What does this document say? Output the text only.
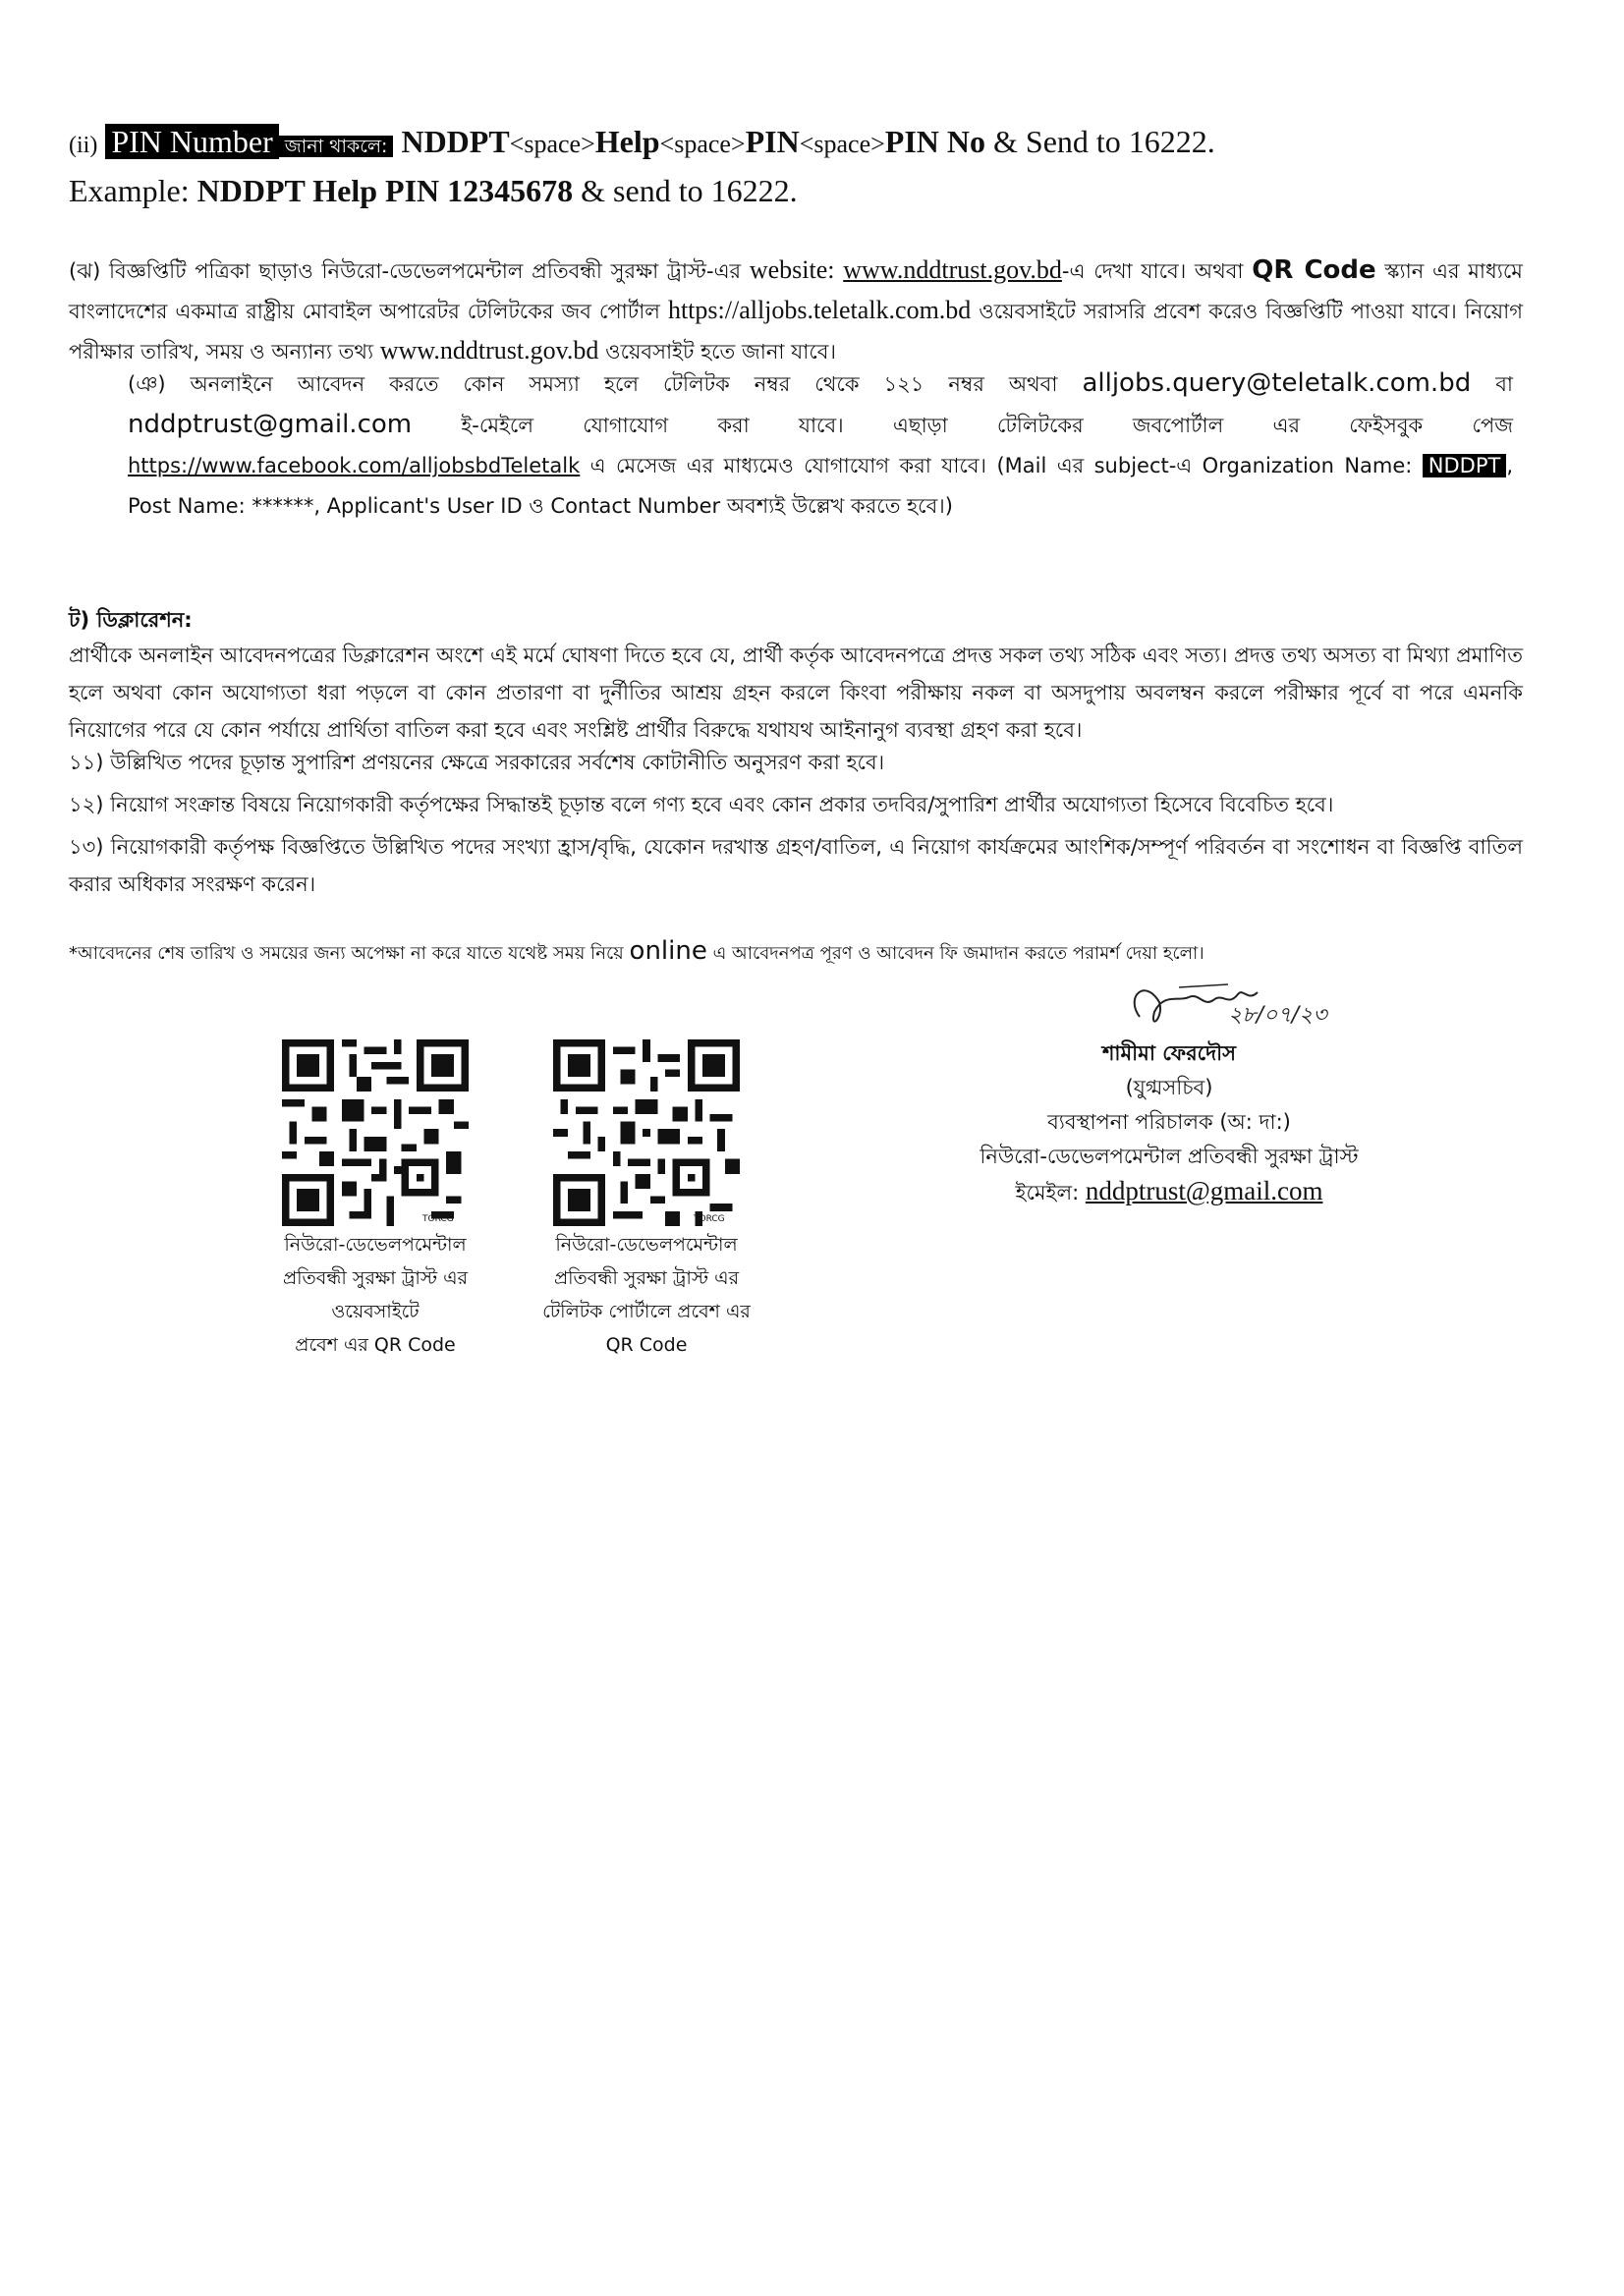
(ii) PIN Number জানা থাকলে: NDDPT<space>Help<space>PIN<space>PIN No & Send to 16222.
Example: NDDPT Help PIN 12345678 & send to 16222.
(ঝ) বিজ্ঞপ্তিটি পত্রিকা ছাড়াও নিউরো-ডেভেলপমেন্টাল প্রতিবন্ধী সুরক্ষা ট্রাস্ট-এর website: www.nddtrust.gov.bd-এ দেখা যাবে। অথবা QR Code স্ক্যান এর মাধ্যমে বাংলাদেশের একমাত্র রাষ্ট্রীয় মোবাইল অপারেটর টেলিটকের জব পোর্টাল https://alljobs.teletalk.com.bd ওয়েবসাইটে সরাসরি প্রবেশ করেও বিজ্ঞপ্তিটি পাওয়া যাবে। নিয়োগ পরীক্ষার তারিখ, সময় ও অন্যান্য তথ্য www.nddtrust.gov.bd ওয়েবসাইট হতে জানা যাবে।
(ঞ) অনলাইনে আবেদন করতে কোন সমস্যা হলে টেলিটক নম্বর থেকে ১২১ নম্বর অথবা alljobs.query@teletalk.com.bd বা nddptrust@gmail.com ই-মেইলে যোগাযোগ করা যাবে। এছাড়া টেলিটকের জবপোর্টাল এর ফেইসবুক পেজ https://www.facebook.com/alljobsbdTeletalk এ মেসেজ এর মাধ্যমেও যোগাযোগ করা যাবে। (Mail এর subject-এ Organization Name: NDDPT , Post Name: ******, Applicant's User ID ও Contact Number অবশ্যই উল্লেখ করতে হবে।)
ট) ডিক্লারেশন:
প্রার্থীকে অনলাইন আবেদনপত্রের ডিক্লারেশন অংশে এই মর্মে ঘোষণা দিতে হবে যে, প্রার্থী কর্তৃক আবেদনপত্রে প্রদত্ত সকল তথ্য সঠিক এবং সত্য। প্রদত্ত তথ্য অসত্য বা মিথ্যা প্রমাণিত হলে অথবা কোন অযোগ্যতা ধরা পড়লে বা কোন প্রতারণা বা দুর্নীতির আশ্রয় গ্রহন করলে কিংবা পরীক্ষায় নকল বা অসদুপায় অবলম্বন করলে পরীক্ষার পূর্বে বা পরে এমনকি নিয়োগের পরে যে কোন পর্যায়ে প্রার্থিতা বাতিল করা হবে এবং সংশ্লিষ্ট প্রার্থীর বিরুদ্ধে যথাযথ আইনানুগ ব্যবস্থা গ্রহণ করা হবে।
১১) উল্লিখিত পদের চূড়ান্ত সুপারিশ প্রণয়নের ক্ষেত্রে সরকারের সর্বশেষ কোটানীতি অনুসরণ করা হবে।
১২) নিয়োগ সংক্রান্ত বিষয়ে নিয়োগকারী কর্তৃপক্ষের সিদ্ধান্তই চূড়ান্ত বলে গণ্য হবে এবং কোন প্রকার তদবির/সুপারিশ প্রার্থীর অযোগ্যতা হিসেবে বিবেচিত হবে।
১৩) নিয়োগকারী কর্তৃপক্ষ বিজ্ঞপ্তিতে উল্লিখিত পদের সংখ্যা হ্রাস/বৃদ্ধি, যেকোন দরখাস্ত গ্রহণ/বাতিল, এ নিয়োগ কার্যক্রমের আংশিক/সম্পূর্ণ পরিবর্তন বা সংশোধন বা বিজ্ঞপ্তি বাতিল করার অধিকার সংরক্ষণ করেন।
*আবেদনের শেষ তারিখ ও সময়ের জন্য অপেক্ষা না করে যাতে যথেষ্ট সময় নিয়ে online এ আবেদনপত্র পূরণ ও আবেদন ফি জমাদান করতে পরামর্শ দেয়া হলো।
TORCG
নিউরো-ডেভেলপমেন্টাল
প্রতিবন্ধী সুরক্ষা ট্রাস্ট এর
ওয়েবসাইটে
প্রবেশ এর QR Code
TORCG
নিউরো-ডেভেলপমেন্টাল
প্রতিবন্ধী সুরক্ষা ট্রাস্ট এর
টেলিটক পোর্টালে প্রবেশ এর
QR Code
২৮/০৭/২৩
শামীমা ফেরদৌস
(যুগ্মসচিব)
ব্যবস্থাপনা পরিচালক (অ: দা:)
নিউরো-ডেভেলপমেন্টাল প্রতিবন্ধী সুরক্ষা ট্রাস্ট
ইমেইল: nddptrust@gmail.com
